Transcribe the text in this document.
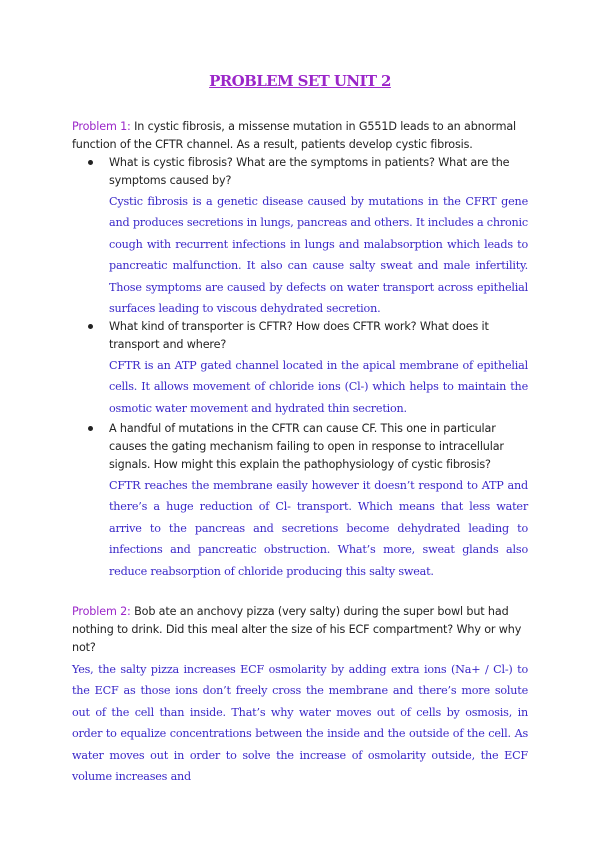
PROBLEM SET UNIT 2
Problem 1: In cystic fibrosis, a missense mutation in G551D leads to an abnormal function of the CFTR channel. As a result, patients develop cystic fibrosis.
What is cystic fibrosis? What are the symptoms in patients? What are the symptoms caused by?
Cystic fibrosis is a genetic disease caused by mutations in the CFRT gene and produces secretions in lungs, pancreas and others. It includes a chronic cough with recurrent infections in lungs and malabsorption which leads to pancreatic malfunction. It also can cause salty sweat and male infertility. Those symptoms are caused by defects on water transport across epithelial surfaces leading to viscous dehydrated secretion.
What kind of transporter is CFTR? How does CFTR work? What does it transport and where?
CFTR is an ATP gated channel located in the apical membrane of epithelial cells. It allows movement of chloride ions (Cl-) which helps to maintain the osmotic water movement and hydrated thin secretion.
A handful of mutations in the CFTR can cause CF. This one in particular causes the gating mechanism failing to open in response to intracellular signals. How might this explain the pathophysiology of cystic fibrosis?
CFTR reaches the membrane easily however it doesn’t respond to ATP and there’s a huge reduction of Cl- transport. Which means that less water arrive to the pancreas and secretions become dehydrated leading to infections and pancreatic obstruction. What’s more, sweat glands also reduce reabsorption of chloride producing this salty sweat.
Problem 2: Bob ate an anchovy pizza (very salty) during the super bowl but had nothing to drink. Did this meal alter the size of his ECF compartment? Why or why not?
Yes, the salty pizza increases ECF osmolarity by adding extra ions (Na+ / Cl-) to the ECF as those ions don’t freely cross the membrane and there’s more solute out of the cell than inside. That’s why water moves out of cells by osmosis, in order to equalize concentrations between the inside and the outside of the cell. As water moves out in order to solve the increase of osmolarity outside, the ECF volume increases and
